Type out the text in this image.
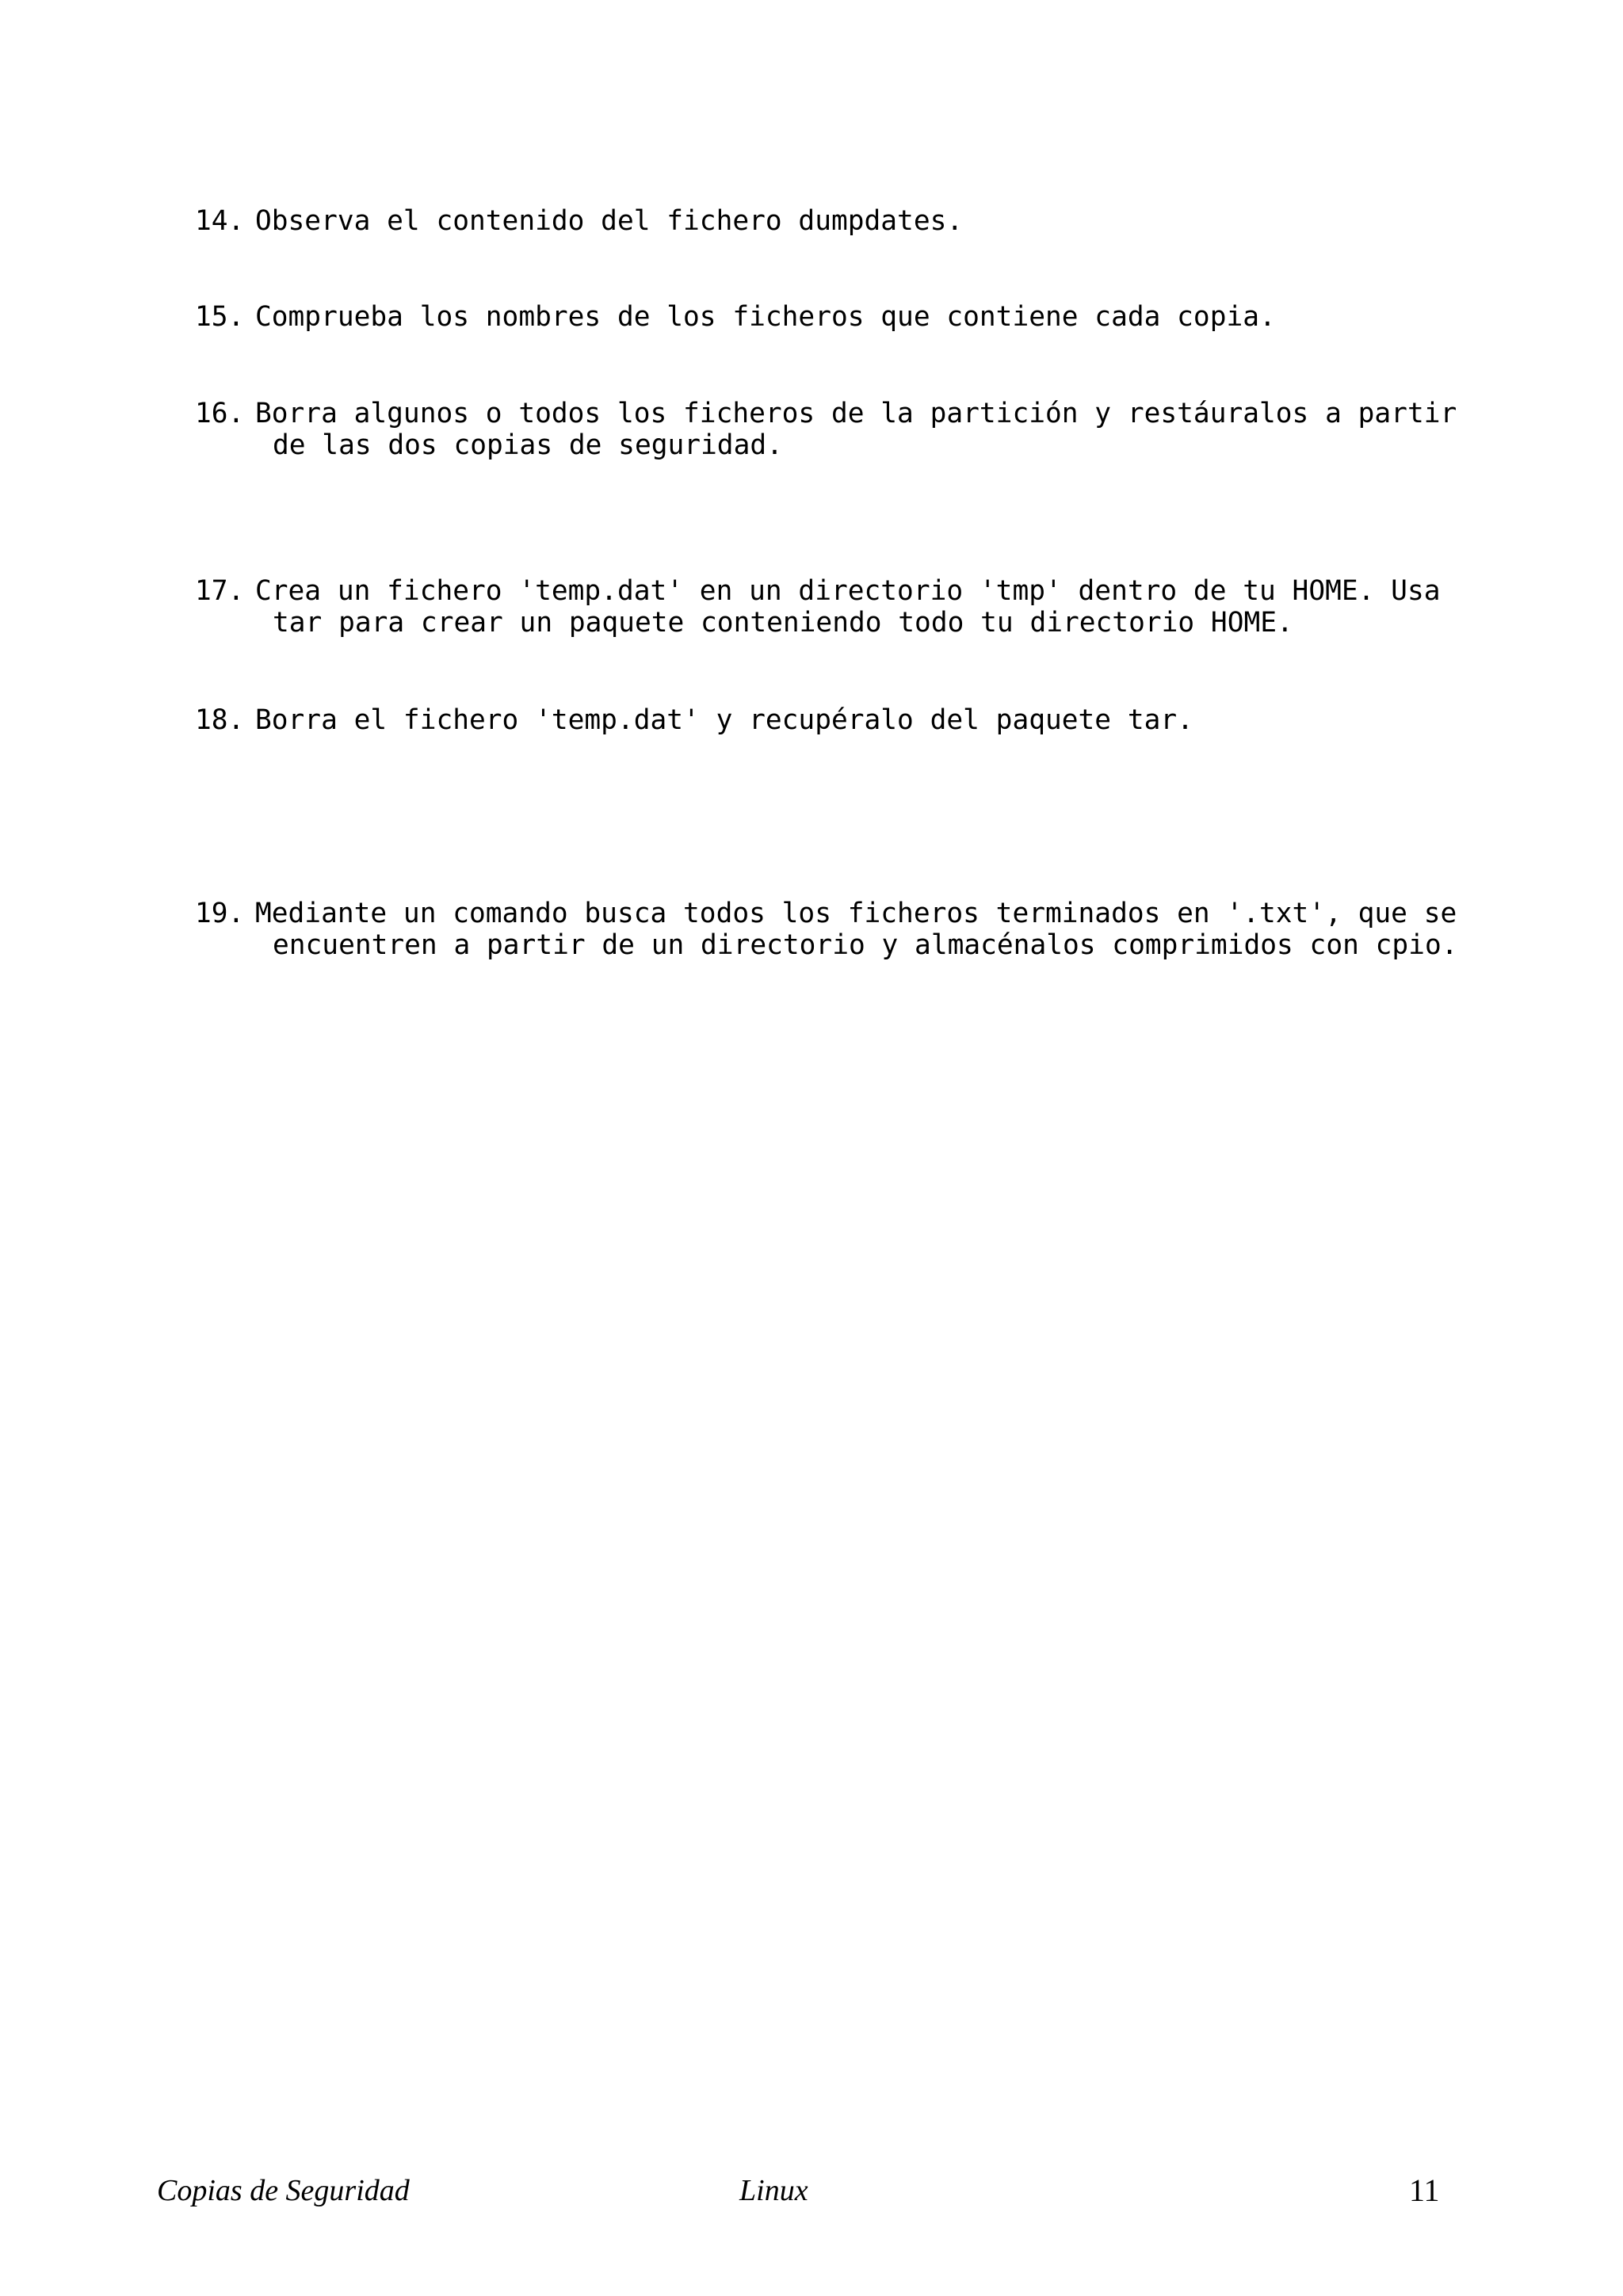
14.

Observa el contenido del fichero dumpdates.

15.

Comprueba los nombres de los ficheros que contiene cada copia.

16.

Borra algunos o todos los ficheros de la partición y restáuralos a partir

de las dos copias de seguridad.

17.

Crea un fichero 'temp.dat' en un directorio 'tmp' dentro de tu HOME. Usa

tar para crear un paquete conteniendo todo tu directorio HOME.

18.

Borra el fichero 'temp.dat' y recupéralo del paquete tar.

19.

Mediante un comando busca todos los ficheros terminados en '.txt', que se

encuentren a partir de un directorio y almacénalos comprimidos con cpio.

Copias de Seguridad	Linux	11
